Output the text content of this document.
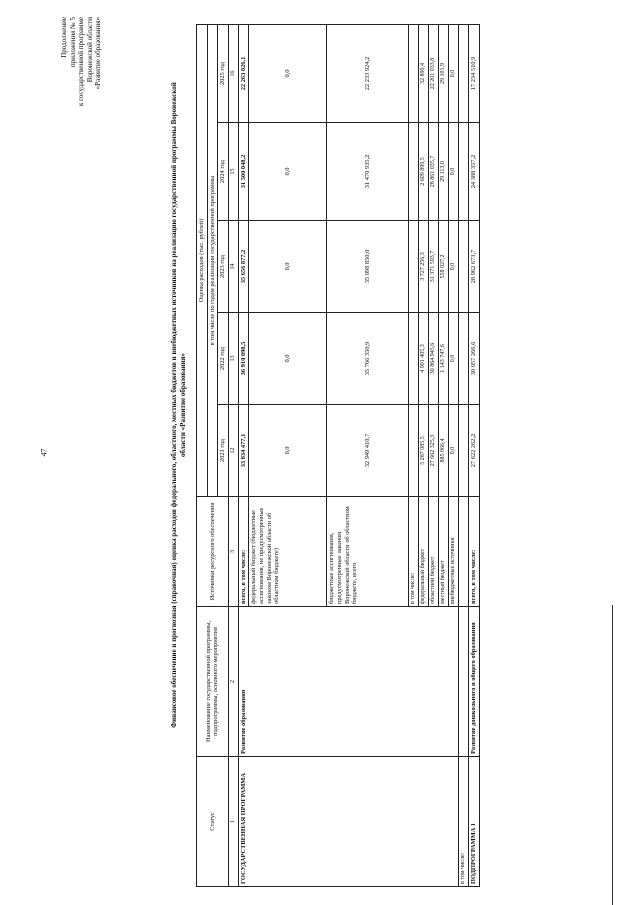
47
Продолжение приложения № 5 к государственной программе Воронежской области «Развитие образования»
Финансовое обеспечение и прогнозная (справочная) оценка расходов федерального, областного, местных бюджетов и внебюджетных источников на реализацию государственной программы Воронежской области «Развитие образования»
Статус	Наименование государственной программы, подпрограммы, основного мероприятия	Источники ресурсного обеспечения	Оценка расходов (тыс. рублей)				
			в том числе по годам реализации государственной программы				
			2021 год	2022 год	2023 год	2024 год	2025 год
1	2	3	12	13	14	15	16
ГОСУДАРСТВЕННАЯ ПРОГРАММА	Развитие образования	всего, в том числе:	33 834 477,1	36 910 098,5	35 656 877,2	31 500 048,2	22 263 026,1
		федеральный бюджет (бюджетные ассигнования, не предусмотренные законом Воронежской области об областном бюджете)	0,0	0,0	0,0	0,0	0,0
		бюджетные ассигнования, предусмотренные законом Воронежской области об областном бюджете, всего	32 949 410,7	35 766 350,9	35 098 850,0	31 470 935,2	22 233 924,2
		в том числе:					
		федеральный бюджет	5 287 085,5	4 901 405,3	3 727 256,3	2 609 899,5	32 890,4
		областной бюджет	27 662 325,3	30 864 945,6	31 371 593,7	28 861 035,7	22 201 033,8
		местный бюджет	885 066,4	1 143 747,6	558 027,2	29 113,0	29 101,9
		внебюджетные источники	0,0	0,0	0,0	0,0	0,0
в том числе:							
ПОДПРОГРАММА 1	Развитие дошкольного и общего образования	всего, в том числе:	27 622 262,2	30 057 266,6	28 962 673,7	24 388 357,2	17 234 510,9
